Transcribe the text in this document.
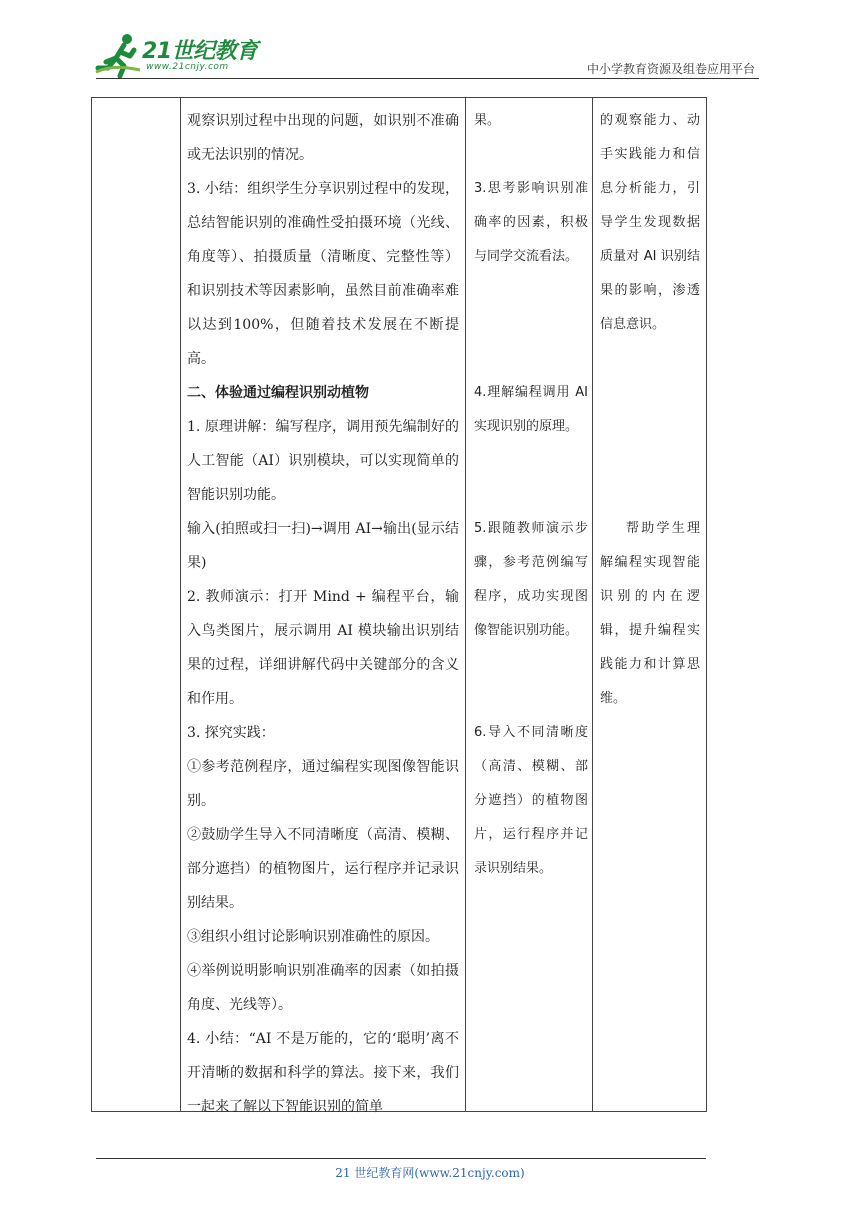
21世纪教育
www.21cnjy.com	中小学教育资源及组卷应用平台

观察识别过程中出现的问题，如识别不准确或无法识别的情况。

3. 小结：组织学生分享识别过程中的发现，总结智能识别的准确性受拍摄环境（光线、角度等）、拍摄质量（清晰度、完整性等）和识别技术等因素影响，虽然目前准确率难以达到100%，但随着技术发展在不断提高。

二、体验通过编程识别动植物

1. 原理讲解：编写程序，调用预先编制好的人工智能（AI）识别模块，可以实现简单的智能识别功能。

输入(拍照或扫一扫)→调用 AI→输出(显示结果)

2. 教师演示：打开 Mind + 编程平台，输入鸟类图片，展示调用 AI 模块输出识别结果的过程，详细讲解代码中关键部分的含义和作用。

3. 探究实践：

①参考范例程序，通过编程实现图像智能识别。

②鼓励学生导入不同清晰度（高清、模糊、部分遮挡）的植物图片，运行程序并记录识别结果。

③组织小组讨论影响识别准确性的原因。

④举例说明影响识别准确率的因素（如拍摄角度、光线等）。

4. 小结：“AI 不是万能的，它的‘聪明’离不开清晰的数据和科学的算法。接下来，我们一起来了解以下智能识别的简单

果。

3.思考影响识别准确率的因素，积极与同学交流看法。

4.理解编程调用 AI 实现识别的原理。

5.跟随教师演示步骤，参考范例编写程序，成功实现图像智能识别功能。

6.导入不同清晰度（高清、模糊、部分遮挡）的植物图片，运行程序并记录识别结果。

的观察能力、动手实践能力和信息分析能力，引导学生发现数据质量对 AI 识别结果的影响，渗透信息意识。

帮助学生理解编程实现智能识别的内在逻辑，提升编程实践能力和计算思维。

21 世纪教育网(www.21cnjy.com)
